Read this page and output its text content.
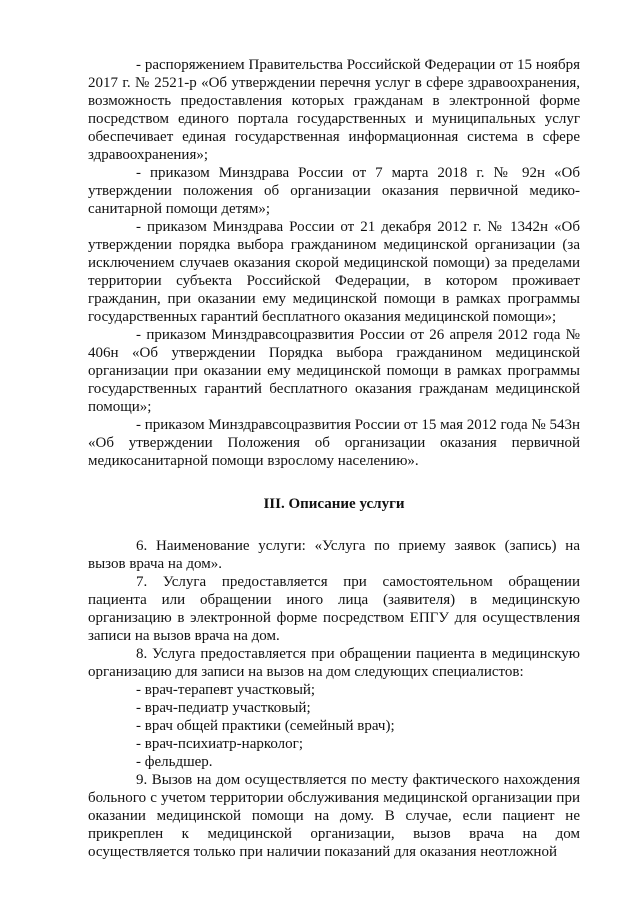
- распоряжением Правительства Российской Федерации от 15 ноября 2017 г. № 2521-р «Об утверждении перечня услуг в сфере здравоохранения, возможность предоставления которых гражданам в электронной форме посредством единого портала государственных и муниципальных услуг обеспечивает единая государственная информационная система в сфере здравоохранения»;

- приказом Минздрава России от 7 марта 2018 г. № 92н «Об утверждении положения об организации оказания первичной медико-санитарной помощи детям»;

- приказом Минздрава России от 21 декабря 2012 г. № 1342н «Об утверждении порядка выбора гражданином медицинской организации (за исключением случаев оказания скорой медицинской помощи) за пределами территории субъекта Российской Федерации, в котором проживает гражданин, при оказании ему медицинской помощи в рамках программы государственных гарантий бесплатного оказания медицинской помощи»;

- приказом Минздравсоцразвития России от 26 апреля 2012 года № 406н «Об утверждении Порядка выбора гражданином медицинской организации при оказании ему медицинской помощи в рамках программы государственных гарантий бесплатного оказания гражданам медицинской помощи»;

- приказом Минздравсоцразвития России от 15 мая 2012 года № 543н «Об утверждении Положения об организации оказания первичной медикосанитарной помощи взрослому населению».

III. Описание услуги

6. Наименование услуги: «Услуга по приему заявок (запись) на вызов врача на дом».

7. Услуга предоставляется при самостоятельном обращении пациента или обращении иного лица (заявителя) в медицинскую организацию в электронной форме посредством ЕПГУ для осуществления записи на вызов врача на дом.

8. Услуга предоставляется при обращении пациента в медицинскую организацию для записи на вызов на дом следующих специалистов:

- врач-терапевт участковый;

- врач-педиатр участковый;

- врач общей практики (семейный врач);

- врач-психиатр-нарколог;

- фельдшер.

9. Вызов на дом осуществляется по месту фактического нахождения больного с учетом территории обслуживания медицинской организации при оказании медицинской помощи на дому. В случае, если пациент не прикреплен к медицинской организации, вызов врача на дом осуществляется только при наличии показаний для оказания неотложной
